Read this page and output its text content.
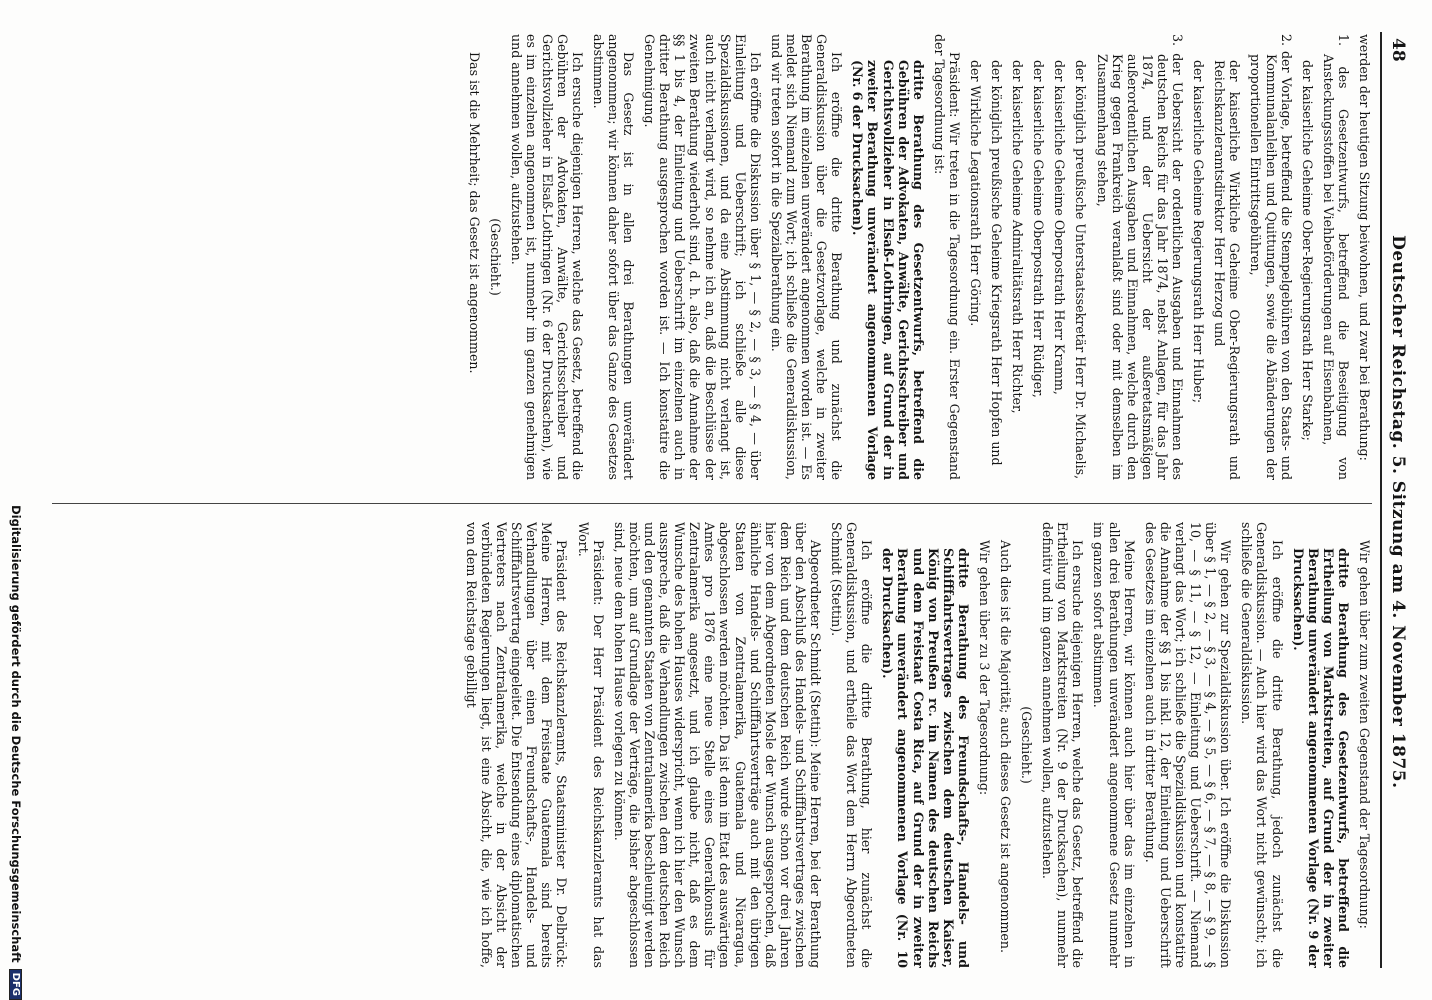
48
Deutscher Reichstag. 5. Sitzung am 4. November 1875.

werden der heutigen Sitzung beiwohnen, und zwar bei Berathung:

1. des Gesetzentwurfs, betreffend die Beseitigung von Ansteckungsstoffen bei Viehbeförderungen auf Eisenbahnen,

der kaiserliche Geheime Ober-Regierungsrath Herr Starke;

2. der Vorlage, betreffend die Stempelgebühren von den Staats- und Kommunalanleihen und Quittungen, sowie die Abänderungen der proportionellen Eintrittsgebühren,

der kaiserliche Wirkliche Geheime Ober-Regierungsrath und Reichskanzleramtsdirektor Herr Herzog und

der kaiserliche Geheime Regierungsrath Herr Huber;

3. der Uebersicht der ordentlichen Ausgaben und Einnahmen des deutschen Reichs für das Jahr 1874, nebst Anlagen, für das Jahr 1874, und der Uebersicht der außeretatsmäßigen außerordentlichen Ausgaben und Einnahmen, welche durch den Krieg gegen Frankreich veranlaßt sind oder mit demselben im Zusammenhang stehen,

der königlich preußische Unterstaatssekretär Herr Dr. Michaelis,

der kaiserliche Geheime Oberpostrath Herr Kramm,

der kaiserliche Geheime Oberpostrath Herr Rüdiger,

der kaiserliche Geheime Admiralitätsrath Herr Richter,

der königlich preußische Geheime Kriegsrath Herr Hopfen und

der Wirkliche Legationsrath Herr Göring.

Präsident: Wir treten in die Tagesordnung ein. Erster Gegenstand der Tagesordnung ist:

dritte Berathung des Gesetzentwurfs, betreffend die Gebühren der Advokaten, Anwälte, Gerichtsschreiber und Gerichtsvollzieher in Elsaß-Lothringen, auf Grund der in zweiter Berathung unverändert angenommenen Vorlage (Nr. 6 der Drucksachen).

Ich eröffne die dritte Berathung und zunächst die Generaldiskussion über die Gesetzvorlage, welche in zweiter Berathung im einzelnen unverändert angenommen worden ist. — Es meldet sich Niemand zum Wort; ich schließe die Generaldiskussion, und wir treten sofort in die Spezialberathung ein.

Ich eröffne die Diskussion über § 1, — § 2, — § 3, — § 4, — über Einleitung und Ueberschrift; ich schließe alle diese Spezialdiskussionen, und da eine Abstimmung nicht verlangt ist, auch nicht verlangt wird, so nehme ich an, daß die Beschlüsse der zweiten Berathung wiederholt sind, d. h. also, daß die Annahme der §§ 1 bis 4, der Einleitung und Ueberschrift im einzelnen auch in dritter Berathung ausgesprochen worden ist. — Ich konstatire die Genehmigung.

Das Gesetz ist in allen drei Berathungen unverändert angenommen; wir können daher sofort über das Ganze des Gesetzes abstimmen.

Ich ersuche diejenigen Herren, welche das Gesetz, betreffend die Gebühren der Advokaten, Anwälte, Gerichtsschreiber und Gerichtsvollzieher in Elsaß-Lothringen (Nr. 6 der Drucksachen), wie es im einzelnen angenommen ist, nunmehr im ganzen genehmigen und annehmen wollen, aufzustehen.

(Geschieht.)

Das ist die Mehrheit; das Gesetz ist angenommen.

Wir gehen über zum zweiten Gegenstand der Tagesordnung:

dritte Berathung des Gesetzentwurfs, betreffend die Ertheilung von Marktstreiten, auf Grund der in zweiter Berathung unverändert angenommenen Vorlage (Nr. 9 der Drucksachen).

Ich eröffne die dritte Berathung, jedoch zunächst die Generaldiskussion. — Auch hier wird das Wort nicht gewünscht; ich schließe die Generaldiskussion.

Wir gehen zur Spezialdiskussion über. Ich eröffne die Diskussion über § 1, — § 2, — § 3, — § 4, — § 5, — § 6, — § 7, — § 8, — § 9, — § 10, — § 11, — § 12, — Einleitung und Ueberschrift. — Niemand verlangt das Wort; ich schließe die Spezialdiskussion und konstatire die Annahme der §§ 1 bis inkl. 12, der Einleitung und Ueberschrift des Gesetzes im einzelnen auch in dritter Berathung.

Meine Herren, wir können auch hier über das im einzelnen in allen drei Berathungen unverändert angenommene Gesetz nunmehr im ganzen sofort abstimmen.

Ich ersuche diejenigen Herren, welche das Gesetz, betreffend die Ertheilung von Marktstreiten (Nr. 9 der Drucksachen), nunmehr definitiv und im ganzen annehmen wollen, aufzustehen.

(Geschieht.)

Auch dies ist die Majorität; auch dieses Gesetz ist angenommen.

Wir gehen über zu 3 der Tagesordnung:

dritte Berathung des Freundschafts-, Handels- und Schifffahrtsvertrages zwischen dem deutschen Kaiser, König von Preußen rc. im Namen des deutschen Reichs und dem Freistaat Costa Rica, auf Grund der in zweiter Berathung unverändert angenommenen Vorlage (Nr. 10 der Drucksachen).

Ich eröffne die dritte Berathung, hier zunächst die Generaldiskussion, und ertheile das Wort dem Herrn Abgeordneten Schmidt (Stettin).

Abgeordneter Schmidt (Stettin): Meine Herren, bei der Berathung über den Abschluß des Handels- und Schifffahrtsvertrages zwischen dem Reich und dem deutschen Reich wurde schon vor drei Jahren hier von dem Abgeordneten Mosle der Wunsch ausgesprochen, daß ähnliche Handels- und Schifffahrtsverträge auch mit den übrigen Staaten von Zentralamerika, Guatemala und Nicaragua, abgeschlossen werden möchten. Da ist denn im Etat des auswärtigen Amtes pro 1876 eine neue Stelle eines Generalkonsuls für Zentralamerika angesetzt, und ich glaube nicht, daß es dem Wunsche des hohen Hauses widerspricht, wenn ich hier den Wunsch ausspreche, daß die Verhandlungen zwischen dem deutschen Reich und den genannten Staaten von Zentralamerika beschleunigt werden möchten, um auf Grundlage der Verträge, die bisher abgeschlossen sind, neue dem hohen Hause vorlegen zu können.

Präsident: Der Herr Präsident des Reichskanzleramts hat das Wort.

Präsident des Reichskanzleramts, Staatsminister Dr. Delbrück: Meine Herren, mit dem Freistaate Guatemala sind bereits Verhandlungen über einen Freundschafts-, Handels- und Schifffahrtsvertrag eingeleitet. Die Entsendung eines diplomatischen Vertreters nach Zentralamerika, welche in der Absicht der verbündeten Regierungen liegt, ist eine Absicht, die, wie ich hoffe, von dem Reichstage gebilligt

Digitalisierung gefördert durch die Deutsche ForschungsgemeinschaftDFG
